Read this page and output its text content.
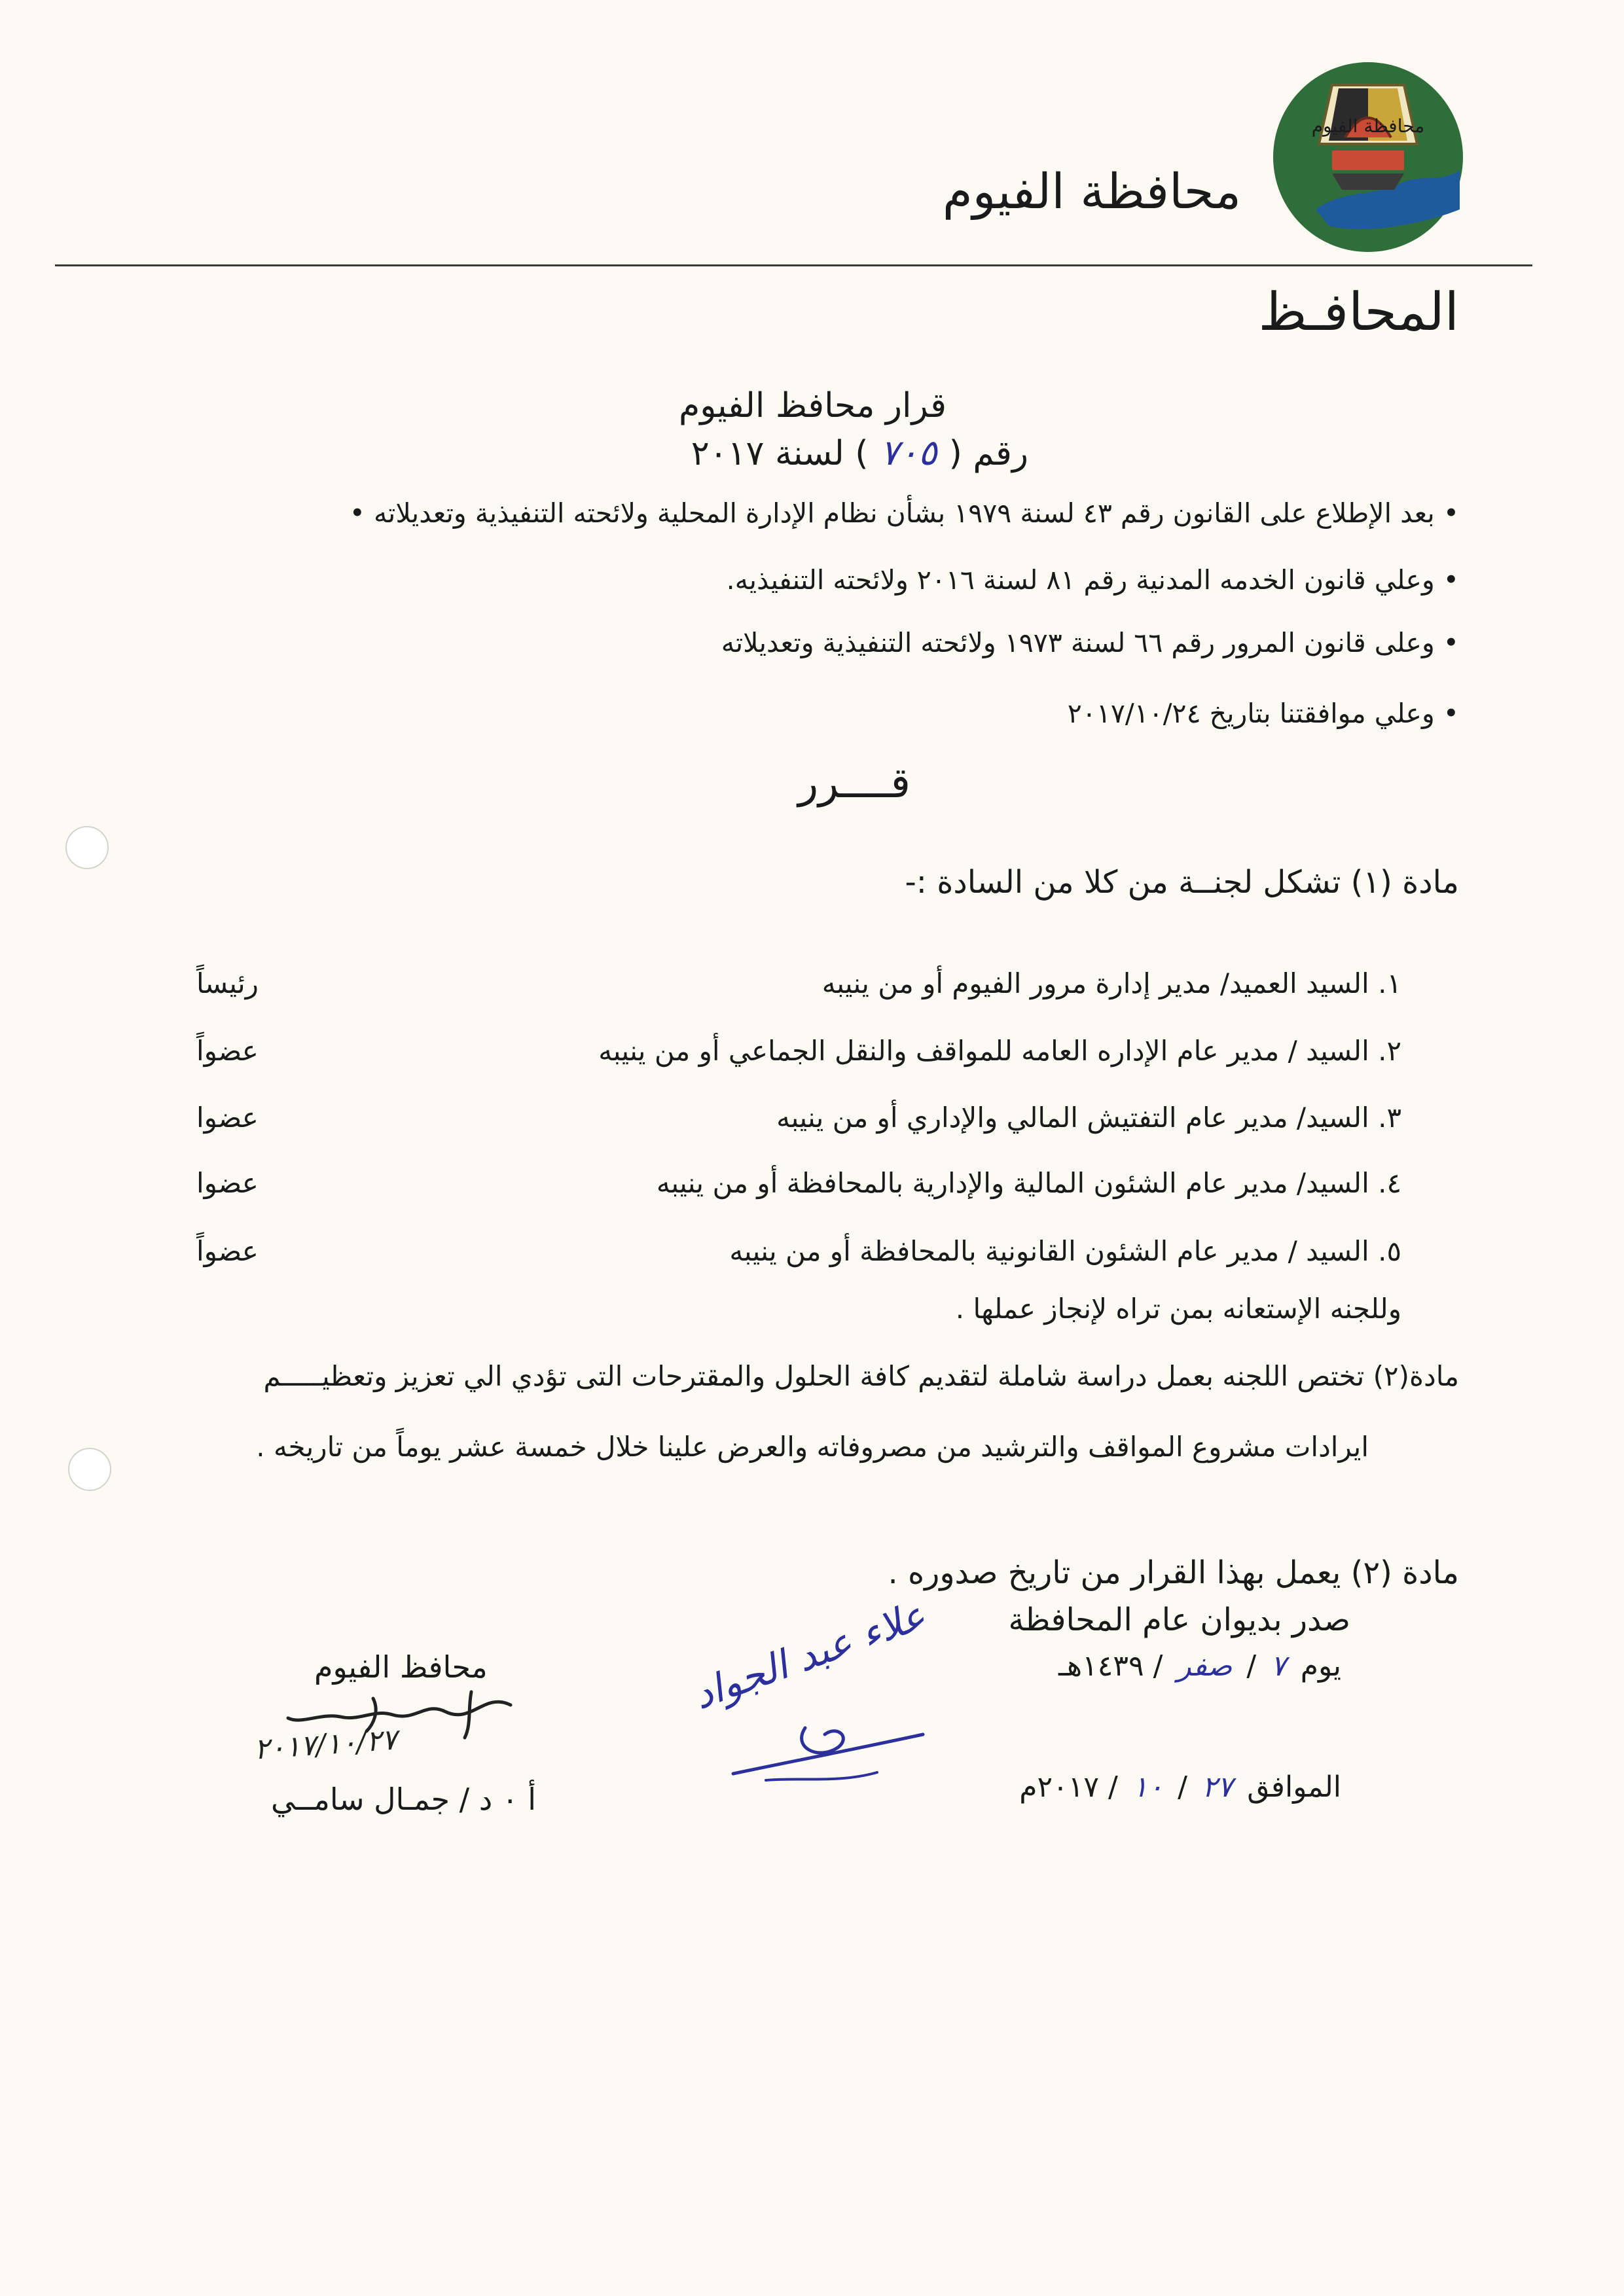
محافظة الفيوم
محافظة الفيوم
المحافـظ
قرار محافظ الفيوم
رقم (
٧٠٥
) لسنة ٢٠١٧
• بعد الإطلاع على القانون رقم ٤٣ لسنة ١٩٧٩ بشأن نظام الإدارة المحلية ولائحته التنفيذية وتعديلاته •
• وعلي قانون الخدمه المدنية رقم ٨١ لسنة ٢٠١٦ ولائحته التنفيذيه.
• وعلى قانون المرور رقم ٦٦ لسنة ١٩٧٣ ولائحته التنفيذية وتعديلاته
• وعلي موافقتنا بتاريخ ٢٠١٧/١٠/٢٤
قــــرر
مادة (١) تشكل لجنــة من كلا من السادة :-
١. السيد العميد/ مدير إدارة مرور الفيوم أو من ينيبه
رئيساً
٢. السيد / مدير عام الإداره العامه للمواقف والنقل الجماعي أو من ينيبه
عضواً
٣. السيد/ مدير عام التفتيش المالي والإداري أو من ينيبه
عضوا
٤. السيد/ مدير عام الشئون المالية والإدارية بالمحافظة أو من ينيبه
عضوا
٥. السيد / مدير عام الشئون القانونية بالمحافظة أو من ينيبه
عضواً
وللجنه الإستعانه بمن تراه لإنجاز عملها .
مادة(٢) تختص اللجنه بعمل دراسة شاملة لتقديم كافة الحلول والمقترحات التى تؤدي الي تعزيز وتعظيـــــم
ايرادات مشروع المواقف والترشيد من مصروفاته والعرض علينا خلال خمسة عشر يوماً من تاريخه .
مادة (٢) يعمل بهذا القرار من تاريخ صدوره .
صدر بديوان عام المحافظة
يوم
٧
/
صفر
/ ١٤٣٩هـ
الموافق
٢٧
/
١٠
/ ٢٠١٧م
محافظ الفيوم
٢٠١٧/١٠/٢٧
أ ٠ د / جمـال سامــي
علاء عبد الجواد
